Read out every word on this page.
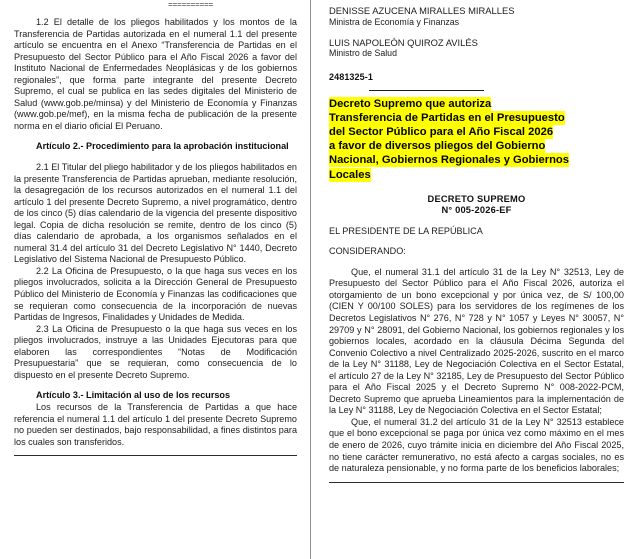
==========

1.2 El detalle de los pliegos habilitados y los montos de la Transferencia de Partidas autorizada en el numeral 1.1 del presente artículo se encuentra en el Anexo “Transferencia de Partidas en el Presupuesto del Sector Público para el Año Fiscal 2026 a favor del Instituto Nacional de Enfermedades Neoplásicas y de los gobiernos regionales”, que forma parte integrante del presente Decreto Supremo, el cual se publica en las sedes digitales del Ministerio de Salud (www.gob.pe/minsa) y del Ministerio de Economía y Finanzas (www.gob.pe/mef), en la misma fecha de publicación de la presente norma en el diario oficial El Peruano.

Artículo 2.- Procedimiento para la aprobación institucional

2.1 El Titular del pliego habilitador y de los pliegos habilitados en la presente Transferencia de Partidas aprueban, mediante resolución, la desagregación de los recursos autorizados en el numeral 1.1 del artículo 1 del presente Decreto Supremo, a nivel programático, dentro de los cinco (5) días calendario de la vigencia del presente dispositivo legal. Copia de dicha resolución se remite, dentro de los cinco (5) días calendario de aprobada, a los organismos señalados en el numeral 31.4 del artículo 31 del Decreto Legislativo N° 1440, Decreto Legislativo del Sistema Nacional de Presupuesto Público.

2.2 La Oficina de Presupuesto, o la que haga sus veces en los pliegos involucrados, solicita a la Dirección General de Presupuesto Público del Ministerio de Economía y Finanzas las codificaciones que se requieran como consecuencia de la incorporación de nuevas Partidas de Ingresos, Finalidades y Unidades de Medida.

2.3 La Oficina de Presupuesto o la que haga sus veces en los pliegos involucrados, instruye a las Unidades Ejecutoras para que elaboren las correspondientes “Notas de Modificación Presupuestaria” que se requieran, como consecuencia de lo dispuesto en el presente Decreto Supremo.

Artículo 3.- Limitación al uso de los recursos

Los recursos de la Transferencia de Partidas a que hace referencia el numeral 1.1 del artículo 1 del presente Decreto Supremo no pueden ser destinados, bajo responsabilidad, a fines distintos para los cuales son transferidos.

DENISSE AZUCENA MIRALLES MIRALLES

Ministra de Economía y Finanzas

LUIS NAPOLEÓN QUIROZ AVILÉS

Ministro de Salud

2481325-1

Decreto Supremo que autoriza
Transferencia de Partidas en el Presupuesto
del Sector Público para el Año Fiscal 2026
a favor de diversos pliegos del Gobierno
Nacional, Gobiernos Regionales y Gobiernos
Locales

DECRETO SUPREMO

N° 005-2026-EF

EL PRESIDENTE DE LA REPÚBLICA

CONSIDERANDO:

Que, el numeral 31.1 del artículo 31 de la Ley N° 32513, Ley de Presupuesto del Sector Público para el Año Fiscal 2026, autoriza el otorgamiento de un bono excepcional y por única vez, de S/ 100,00 (CIEN Y 00/100 SOLES) para los servidores de los regímenes de los Decretos Legislativos N° 276, N° 728 y N° 1057 y Leyes N° 30057, N° 29709 y N° 28091, del Gobierno Nacional, los gobiernos regionales y los gobiernos locales, acordado en la cláusula Décima Segunda del Convenio Colectivo a nivel Centralizado 2025-2026, suscrito en el marco de la Ley N° 31188, Ley de Negociación Colectiva en el Sector Estatal, el artículo 27 de la Ley N° 32185, Ley de Presupuesto del Sector Público para el Año Fiscal 2025 y el Decreto Supremo N° 008-2022-PCM, Decreto Supremo que aprueba Lineamientos para la implementación de la Ley N° 31188, Ley de Negociación Colectiva en el Sector Estatal;

Que, el numeral 31.2 del artículo 31 de la Ley N° 32513 establece que el bono excepcional se paga por única vez como máximo en el mes de enero de 2026, cuyo trámite inicia en diciembre del Año Fiscal 2025, no tiene carácter remunerativo, no está afecto a cargas sociales, no es de naturaleza pensionable, y no forma parte de los beneficios laborales;
